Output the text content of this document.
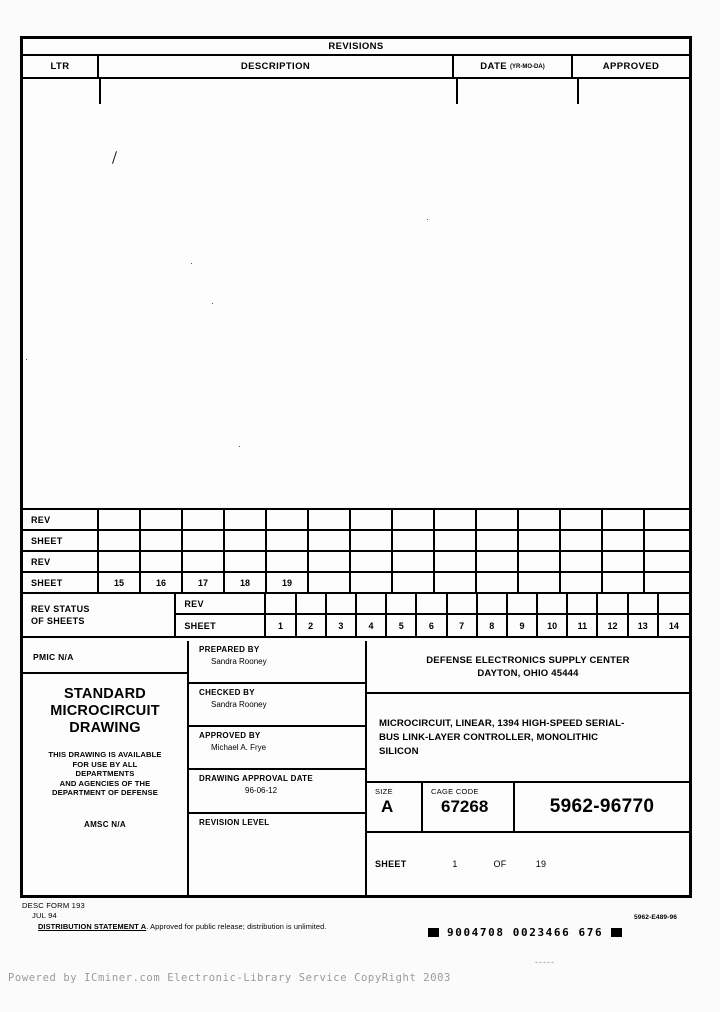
REVISIONS
LTR	DESCRIPTION	DATE (YR-MO-DA)	APPROVED
REV
SHEET
REV
SHEET	15	16	17	18	19
REV STATUS
OF SHEETS
REV
SHEET	1	2	3	4	5	6	7	8	9	10	11	12	13	14
PMIC N/A
STANDARD
MICROCIRCUIT
DRAWING
THIS DRAWING IS AVAILABLE
FOR USE BY ALL
DEPARTMENTS
AND AGENCIES OF THE
DEPARTMENT OF DEFENSE
AMSC N/A
PREPARED BY
Sandra Rooney
CHECKED BY
Sandra Rooney
APPROVED BY
Michael A. Frye
DRAWING APPROVAL DATE
96-06-12
REVISION LEVEL
DEFENSE ELECTRONICS SUPPLY CENTER
DAYTON, OHIO 45444
MICROCIRCUIT, LINEAR, 1394 HIGH-SPEED SERIAL-
BUS LINK-LAYER CONTROLLER, MONOLITHIC
SILICON
SIZE
A
CAGE CODE
67268	5962-96770
SHEET	1	OF	19
DESC FORM 193
JUL 94
DISTRIBUTION STATEMENT A. Approved for public release; distribution is unlimited.
5962-E489-96
9004708 0023466 676
-----
Powered by ICminer.com Electronic-Library Service CopyRight 2003
